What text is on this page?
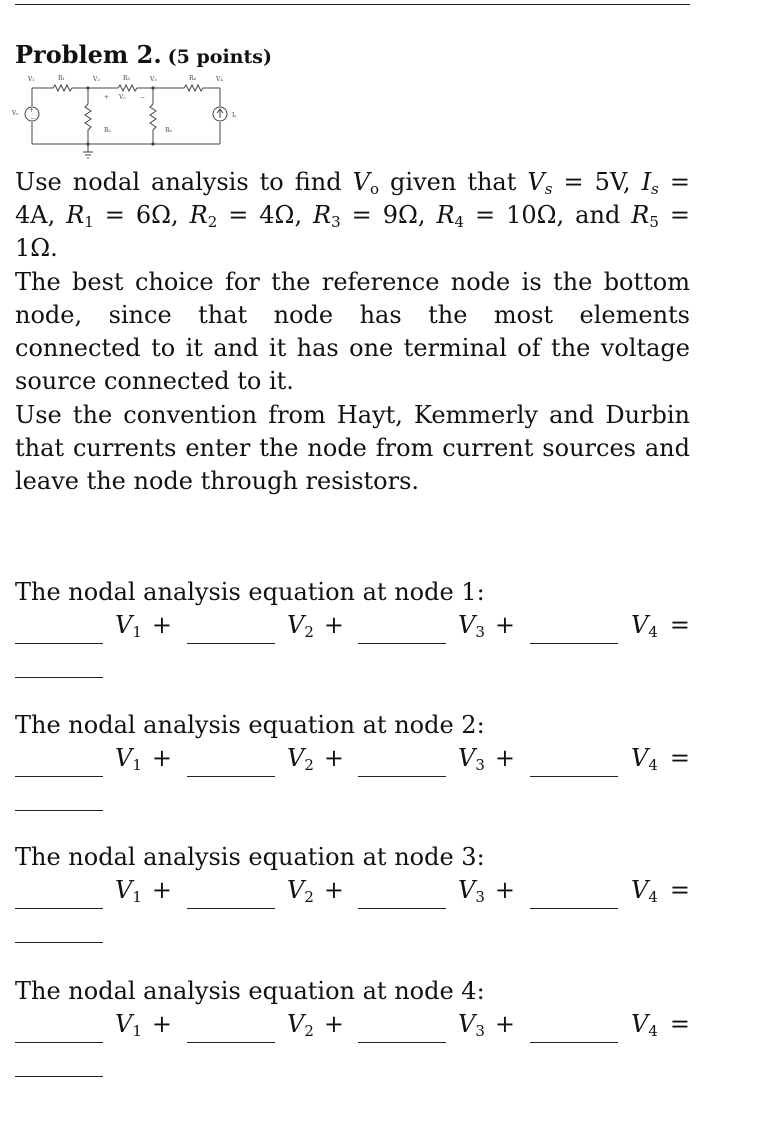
Problem 2. (5 points)
V₁	V₂	V₃	V₄
R₁
R₂
R₃	R₄
R₅
Vₛ	Iₛ
+ Vₒ −
+
−

Use nodal analysis to find $V_o$ given that $V_s = 5V$, $I_s = 4A$, $R_1 = 6\Omega$, $R_2 = 4\Omega$, $R_3 = 9\Omega$, $R_4 = 10\Omega$, and $R_5 = 1\Omega$.

The best choice for the reference node is the bottom node, since that node has the most elements connected to it and it has one terminal of the voltage source connected to it.

Use the convention from Hayt, Kemmerly and Durbin that currents enter the node from current sources and leave the node through resistors.

The nodal analysis equation at node 1:
$V_1$ +	$V_2$ +	$V_3$ +	$V_4$ =
The nodal analysis equation at node 2:
$V_1$ +	$V_2$ +	$V_3$ +	$V_4$ =
The nodal analysis equation at node 3:
$V_1$ +	$V_2$ +	$V_3$ +	$V_4$ =
The nodal analysis equation at node 4:
$V_1$ +	$V_2$ +	$V_3$ +	$V_4$ =
